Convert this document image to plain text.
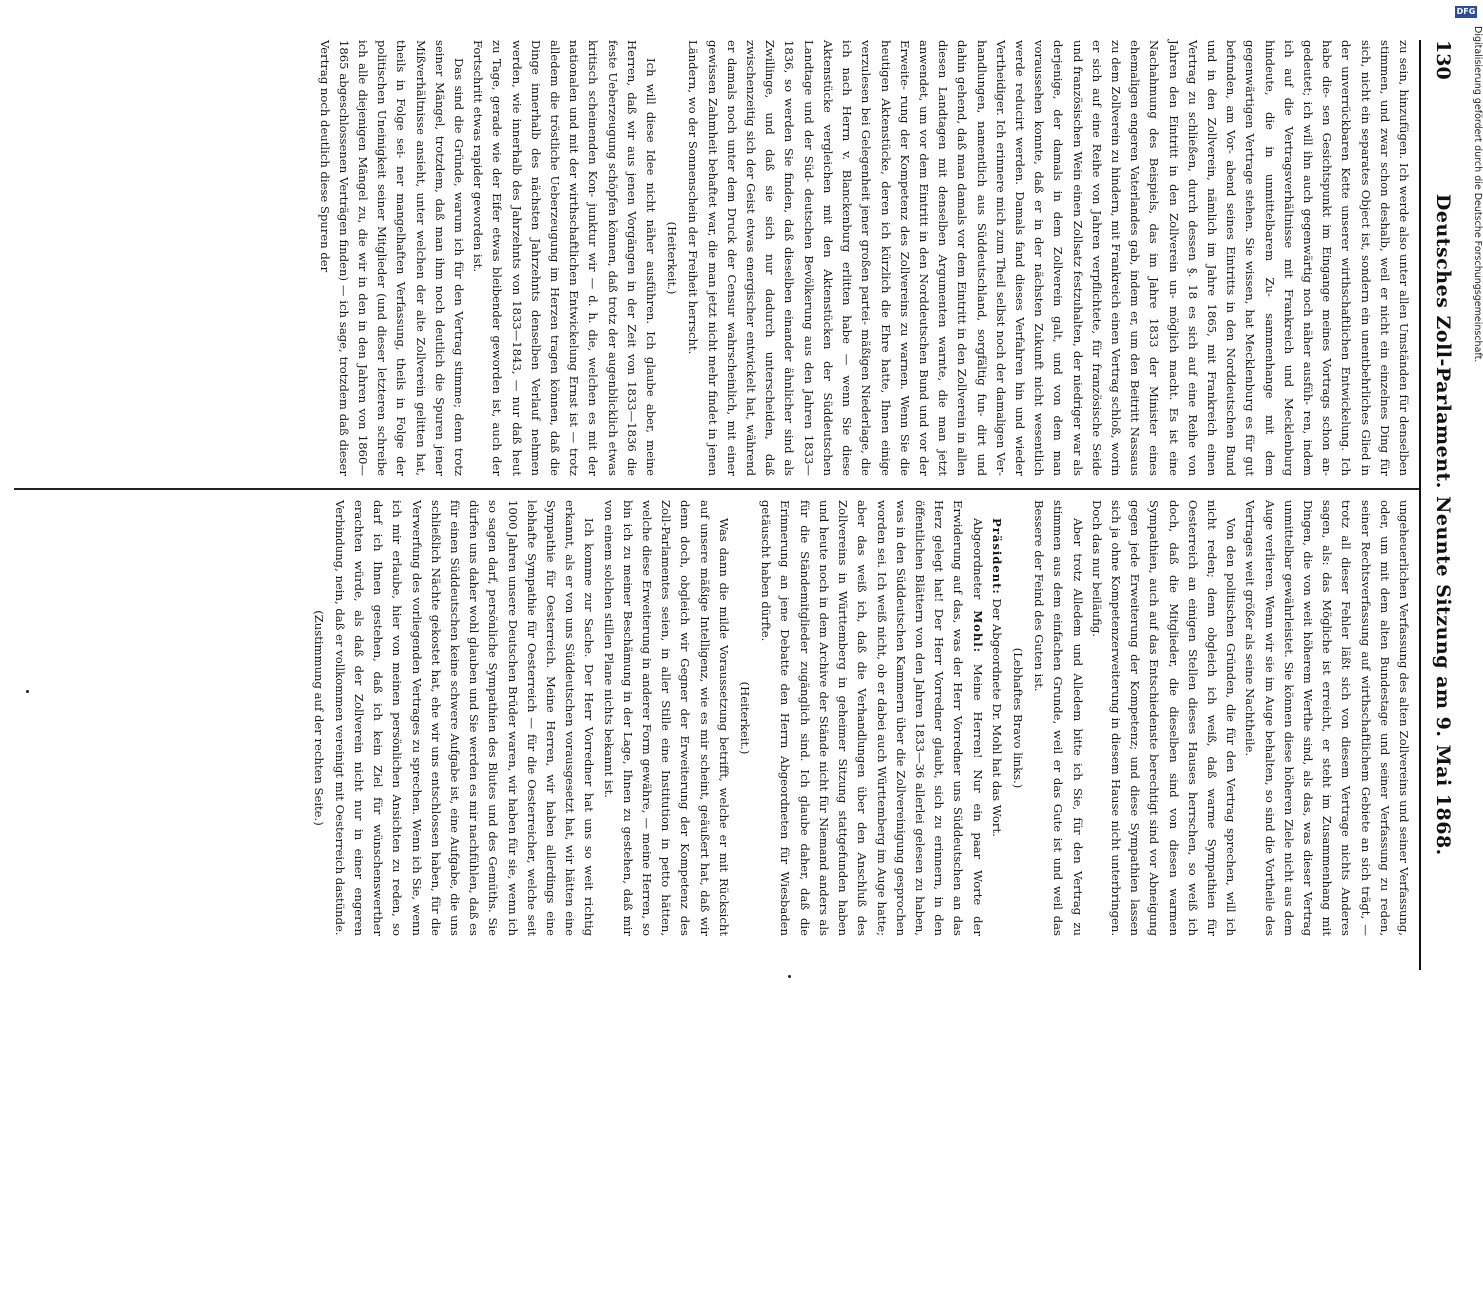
130
Deutsches Zoll-Parlament. Neunte Sitzung am 9. Mai 1868.

zu sein, hinzufügen. Ich werde also unter allen Umständen für denselben stimmen, und zwar schon deshalb, weil er nicht ein einzelnes Ding für sich, nicht ein separates Object ist, sondern ein unentbehrliches Glied in der unverrückbaren Kette unserer wirthschaftlichen Entwickelung. Ich habe die- sen Gesichtspunkt im Eingange meines Vortrags schon an- gedeutet; ich will ihn auch gegenwärtig noch näher ausfüh- ren, indem ich auf die Vertragsverhältnisse mit Frankreich und Mecklenburg hindeute, die in unmittelbarem Zu- sammenhange mit dem gegenwärtigen Vertrage stehen. Sie wissen, hat Mecklenburg es für gut befunden, am Vor- abend seines Eintritts in den Norddeutschen Bund und in den Zollverein, nämlich im Jahre 1865, mit Frankreich einen Vertrag zu schließen, durch dessen §. 18 es sich auf eine Reihe von Jahren den Eintritt in den Zollverein un- möglich macht. Es ist eine Nachahmung des Beispiels, das im Jahre 1833 der Minister eines ehemaligen engeren Vaterlandes gab, indem er, um den Beitritt Nassaus zu dem Zollverein zu hindern, mit Frankreich einen Vertrag schloß, worin er sich auf eine Reihe von Jahren verpflichtete, für französische Seide und französischen Wein einen Zollsatz festzuhalten, der niedriger war als derjenige, der damals in dem Zollverein galt, und von dem man voraussehen konnte, daß er in der nächsten Zukunft nicht wesentlich werde reducirt werden. Damals fand dieses Verfahren hin und wieder Vertheidiger. Ich erinnere mich zum Theil selbst noch der damaligen Ver- handlungen, namentlich aus Süddeutschland, sorgfältig fun- dirt und dahin gehend, daß man damals vor dem Eintritt in den Zollverein in allen diesen Landtagen mit denselben Argumenten warnte, die man jetzt anwendet, um vor dem Eintritt in den Norddeutschen Bund und vor der Erweite- rung der Kompetenz des Zollvereins zu warnen. Wenn Sie die heutigen Aktenstücke, deren ich kürzlich die Ehre hatte, Ihnen einige verzulesen bei Gelegenheit jener großen partei- mäßigen Niederlage, die ich nach Herrn v. Blanckenburg erlitten habe — wenn Sie diese Aktenstücke vergleichen mit den Aktenstücken der Süddeutschen Landtage und der Süd- deutschen Bevölkerung aus den Jahren 1833—1836, so werden Sie finden, daß dieselben einander ähnlicher sind als Zwillinge, und daß sie sich nur dadurch unterscheiden, daß zwischenzeitig sich der Geist etwas energischer entwickelt hat, während er damals noch unter dem Druck der Censur wahrscheinlich, mit einer gewissen Zahmheit behaftet war, die man jetzt nicht mehr findet in jenen Ländern, wo der Sonnenschein der Freiheit herrscht.

(Heiterkeit.)

Ich will diese Idee nicht näher ausführen. Ich glaube aber, meine Herren, daß wir aus jenen Vorgängen in der Zeit von 1833—1836 die feste Ueberzeugung schöpfen können, daß trotz der augenblicklich etwas kritisch scheinenden Kon- junktur wir — d. h. die, welchen es mit der nationalen und mit der wirthschaftlichen Entwickelung Ernst ist — trotz alledem die tröstliche Ueberzeugung im Herzen tragen können, daß die Dinge innerhalb des nächsten Jahrzehnts denselben Verlauf nehmen werden, wie innerhalb des Jahrzehnts von 1833—1843, — nur daß heut zu Tage, gerade wie der Eifer etwas bleibender geworden ist, auch der Fortschritt etwas rapider geworden ist.

Das sind die Gründe, warum ich für den Vertrag stimme; denn trotz seiner Mängel, trotzdem, daß man ihm noch deutlich die Spuren jener Mißverhältnisse ansieht, unter welchen der alte Zollverein gelitten hat, theils in Folge sei- ner mangelhaften Verfassung, theils in Folge der politischen Uneinigkeit seiner Mitglieder (und dieser letzteren schreibe ich alle diejenigen Mängel zu, die wir in den in den Jahren von 1860—1865 abgeschlossenen Verträgen finden) — ich sage, trotzdem daß dieser Vertrag noch deutlich diese Spuren der

ungeheuerlichen Verfassung des alten Zollvereins und seiner Verfassung, oder, um mit dem alten Bundestage und seiner Verfassung zu reden, seiner Rechtsverfassung auf wirthschaftlichem Gebiete an sich trägt, — trotz all dieser Fehler läßt sich von diesem Vertrage nichts Anderes sagen, als: das Mögliche ist erreicht, er steht im Zusammenhang mit Dingen, die von weit höherem Werthe sind, als das, was dieser Vertrag unmittelbar gewährleistet. Sie können diese höheren Ziele nicht aus dem Auge verlieren. Wenn wir sie im Auge behalten, so sind die Vortheile des Vertrages weit größer als seine Nachtheile.

Von den politischen Gründen, die für den Vertrag sprechen, will ich nicht reden; denn obgleich ich weiß, daß warme Sympathien für Oesterreich an einigen Stellen dieses Hauses herrschen, so weiß ich doch, daß die Mitglieder, die dieselben sind von diesen warmen Sympathien, auch auf das Entschiedenste berechtigt sind vor Abneigung gegen jede Erweiterung der Kompetenz; und diese Sympathien lassen sich ja ohne Kompetenzerweiterung in diesem Hause nicht unterbringen. Doch das nur beiläufig.

Aber trotz Alledem und Alledem bitte ich Sie, für den Vertrag zu stimmen aus dem einfachen Grunde, weil er das Gute ist und weil das Bessere der Feind des Guten ist.

(Lebhaftes Bravo links.)

Präsident: Der Abgeordnete Dr. Mohl hat das Wort.

Abgeordneter Mohl: Meine Herren! Nur ein paar Worte der Erwiderung auf das, was der Herr Vorredner uns Süddeutschen an das Herz gelegt hat! Der Herr Vorredner glaubt, sich zu erinnern, in den öffentlichen Blättern von den Jahren 1833—36 allerlei gelesen zu haben, was in den Süddeutschen Kammern über die Zollvereinigung gesprochen worden sei. Ich weiß nicht, ob er dabei auch Württemberg im Auge hatte; aber das weiß ich, daß die Verhandlungen über den Anschluß des Zollvereins in Württemberg in geheimer Sitzung stattgefunden haben und heute noch in dem Archive der Stände nicht für Niemand anders als für die Ständemitglieder zugänglich sind. Ich glaube daher, daß die Erinnerung an jene Debatte den Herrn Abgeordneten für Wiesbaden getäuscht haben dürfte.

(Heiterkeit.)

Was dann die milde Voraussetzung betrifft, welche er mit Rücksicht auf unsere mäßige Intelligenz, wie es mir scheint, geäußert hat, daß wir denn doch, obgleich wir Gegner der Erweiterung der Kompetenz des Zoll-Parlamentes seien, in aller Stille eine Institution in petto hätten, welche diese Erweiterung in anderer Form gewähre, — meine Herren, so bin ich zu meiner Beschämung in der Lage, Ihnen zu gestehen, daß mir von einem solchen stillen Plane nichts bekannt ist.

Ich komme zur Sache. Der Herr Vorredner hat uns so weit richtig erkannt, als er von uns Süddeutschen vorausgesetzt hat, wir hätten eine Sympathie für Oesterreich. Meine Herren, wir haben allerdings eine lebhafte Sympathie für Oesterreich — für die Oesterreicher, welche seit 1000 Jahren unsere Deutschen Brüder waren, wir haben für sie, wenn ich so sagen darf, persönliche Sympathien des Blutes und des Gemüths. Sie dürfen uns daher wohl glauben und Sie werden es mir nachfühlen, daß es für einen Süddeutschen keine schwere Aufgabe ist, eine Aufgabe, die uns schließlich Nächte gekostet hat, ehe wir uns entschlossen haben, für die Verwerfung des vorliegenden Vertrages zu sprechen. Wenn ich Sie, wenn ich mir erlaube, hier von meinen persönlichen Ansichten zu reden, so darf ich Ihnen gestehen, daß ich kein Ziel für wünschenswerther erachten würde, als daß der Zollverein nicht nur in einer engeren Verbindung, nein, daß er vollkommen vereinigt mit Oesterreich dastünde.

(Zustimmung auf der rechten Seite.)

DFG
Digitalisierung gefördert durch die Deutsche Forschungsgemeinschaft.
